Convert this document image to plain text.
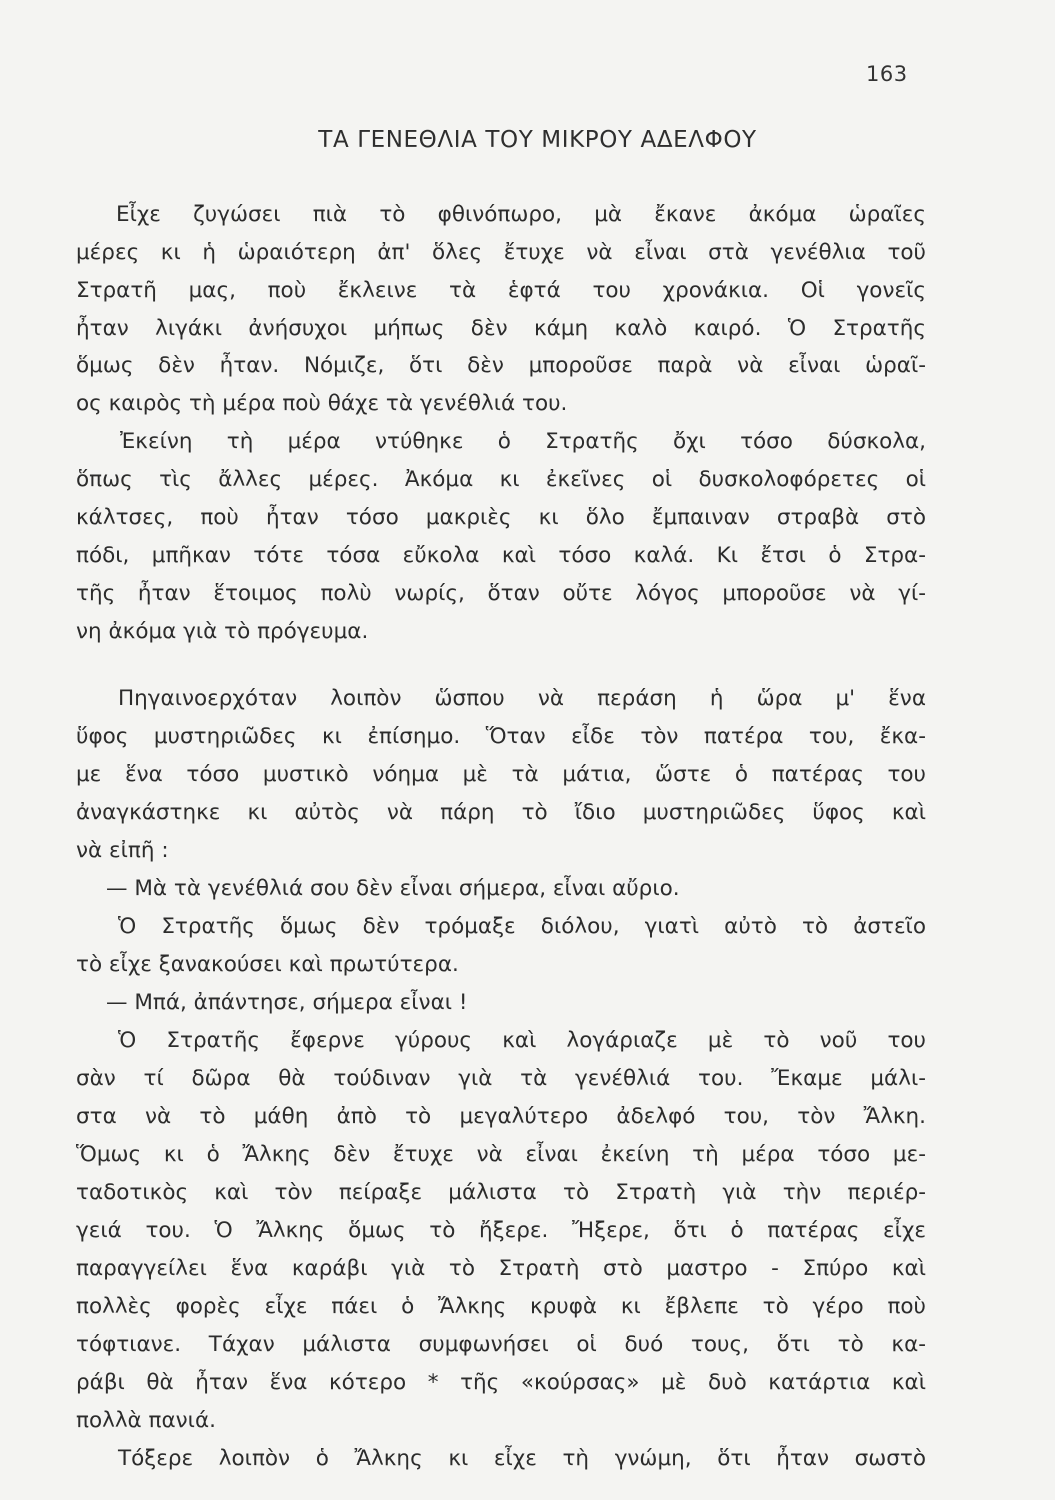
163
ΤΑ ΓΕΝΕΘΛΙΑ ΤΟΥ ΜΙΚΡΟΥ ΑΔΕΛΦΟΥ
Εἶχε ζυγώσει πιὰ τὸ φθινόπωρο, μὰ ἔκανε ἀκόμα ὡραῖες
μέρες κι ἡ ὡραιότερη ἀπ' ὅλες ἔτυχε νὰ εἶναι στὰ γενέθλια τοῦ
Στρατῆ μας, ποὺ ἔκλεινε τὰ ἑφτά του χρονάκια. Οἱ γονεῖς
ἦταν λιγάκι ἀνήσυχοι μήπως δὲν κάμη καλὸ καιρό. Ὁ Στρατῆς
ὅμως δὲν ἦταν. Νόμιζε, ὅτι δὲν μποροῦσε παρὰ νὰ εἶναι ὡραῖ-
ος καιρὸς τὴ μέρα ποὺ θάχε τὰ γενέθλιά του.
Ἐκείνη τὴ μέρα ντύθηκε ὁ Στρατῆς ὄχι τόσο δύσκολα,
ὅπως τὶς ἄλλες μέρες. Ἀκόμα κι ἐκεῖνες οἱ δυσκολοφόρετες οἱ
κάλτσες, ποὺ ἦταν τόσο μακριὲς κι ὅλο ἔμπαιναν στραβὰ στὸ
πόδι, μπῆκαν τότε τόσα εὔκολα καὶ τόσο καλά. Κι ἔτσι ὁ Στρα-
τῆς ἦταν ἕτοιμος πολὺ νωρίς, ὅταν οὔτε λόγος μποροῦσε νὰ γί-
νη ἀκόμα γιὰ τὸ πρόγευμα.
Πηγαινοερχόταν λοιπὸν ὥσπου νὰ περάση ἡ ὥρα μ' ἕνα
ὕφος μυστηριῶδες κι ἐπίσημο. Ὅταν εἶδε τὸν πατέρα του, ἔκα-
με ἕνα τόσο μυστικὸ νόημα μὲ τὰ μάτια, ὥστε ὁ πατέρας του
ἀναγκάστηκε κι αὐτὸς νὰ πάρη τὸ ἴδιο μυστηριῶδες ὕφος καὶ
νὰ εἰπῆ :
— Μὰ τὰ γενέθλιά σου δὲν εἶναι σήμερα, εἶναι αὔριο.
Ὁ Στρατῆς ὅμως δὲν τρόμαξε διόλου, γιατὶ αὐτὸ τὸ ἀστεῖο
τὸ εἶχε ξανακούσει καὶ πρωτύτερα.
— Μπά, ἀπάντησε, σήμερα εἶναι !
Ὁ Στρατῆς ἔφερνε γύρους καὶ λογάριαζε μὲ τὸ νοῦ του
σὰν τί δῶρα θὰ τούδιναν γιὰ τὰ γενέθλιά του. Ἔκαμε μάλι-
στα νὰ τὸ μάθη ἀπὸ τὸ μεγαλύτερο ἀδελφό του, τὸν Ἄλκη.
Ὅμως κι ὁ Ἄλκης δὲν ἔτυχε νὰ εἶναι ἐκείνη τὴ μέρα τόσο με-
ταδοτικὸς καὶ τὸν πείραξε μάλιστα τὸ Στρατὴ γιὰ τὴν περιέρ-
γειά του. Ὁ Ἄλκης ὅμως τὸ ἤξερε. Ἤξερε, ὅτι ὁ πατέρας εἶχε
παραγγείλει ἕνα καράβι γιὰ τὸ Στρατὴ στὸ μαστρο - Σπύρο καὶ
πολλὲς φορὲς εἶχε πάει ὁ Ἄλκης κρυφὰ κι ἔβλεπε τὸ γέρο ποὺ
τόφτιανε. Τάχαν μάλιστα συμφωνήσει οἱ δυό τους, ὅτι τὸ κα-
ράβι θὰ ἦταν ἕνα κότερο * τῆς «κούρσας» μὲ δυὸ κατάρτια καὶ
πολλὰ πανιά.
Τόξερε λοιπὸν ὁ Ἄλκης κι εἶχε τὴ γνώμη, ὅτι ἦταν σωστὸ
